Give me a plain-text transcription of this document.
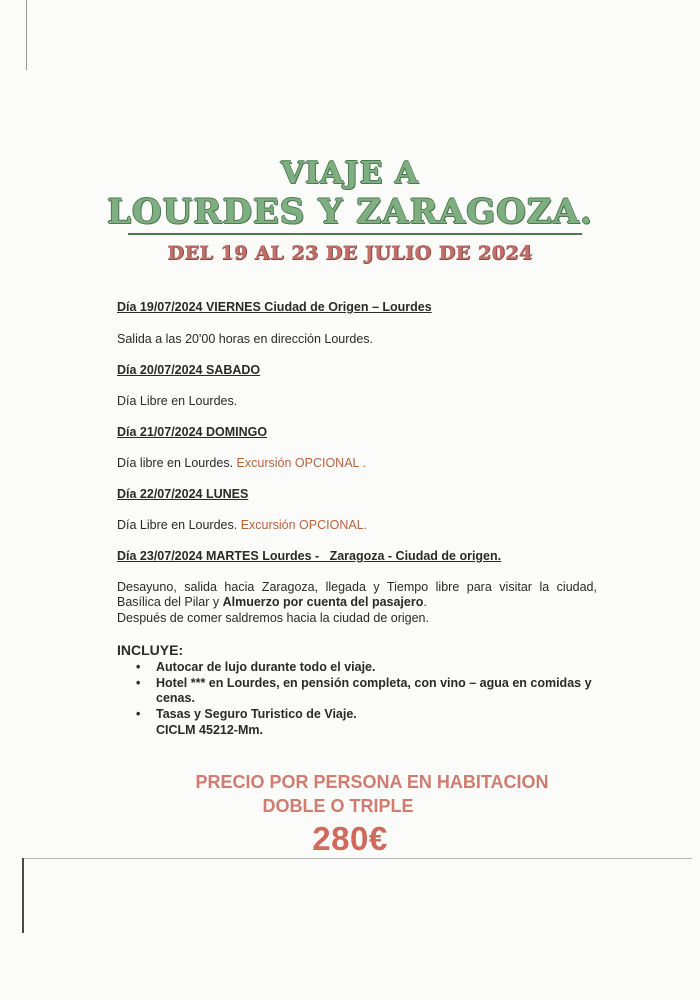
VIAJE A
LOURDES Y ZARAGOZA.
DEL 19 AL 23 DE JULIO DE 2024
Día 19/07/2024 VIERNES Ciudad de Origen – Lourdes
Salida a las 20'00 horas en dirección Lourdes.
Día 20/07/2024 SABADO
Día Libre en Lourdes.
Día 21/07/2024 DOMINGO
Día libre en Lourdes. Excursión OPCIONAL .
Día 22/07/2024 LUNES
Día Libre en Lourdes. Excursión OPCIONAL.
Día 23/07/2024 MARTES Lourdes -   Zaragoza - Ciudad de origen.
Desayuno, salida hacia Zaragoza, llegada y Tiempo libre para visitar la ciudad, Basílica del Pilar y Almuerzo por cuenta del pasajero.
Después de comer saldremos hacia la ciudad de origen.
INCLUYE:
• Autocar de lujo durante todo el viaje.
• Hotel *** en Lourdes, en pensión completa, con vino – agua en comidas y cenas.
• Tasas y Seguro Turistico de Viaje.
CICLM 45212-Mm.
PRECIO POR PERSONA EN HABITACION
DOBLE O TRIPLE
280€
